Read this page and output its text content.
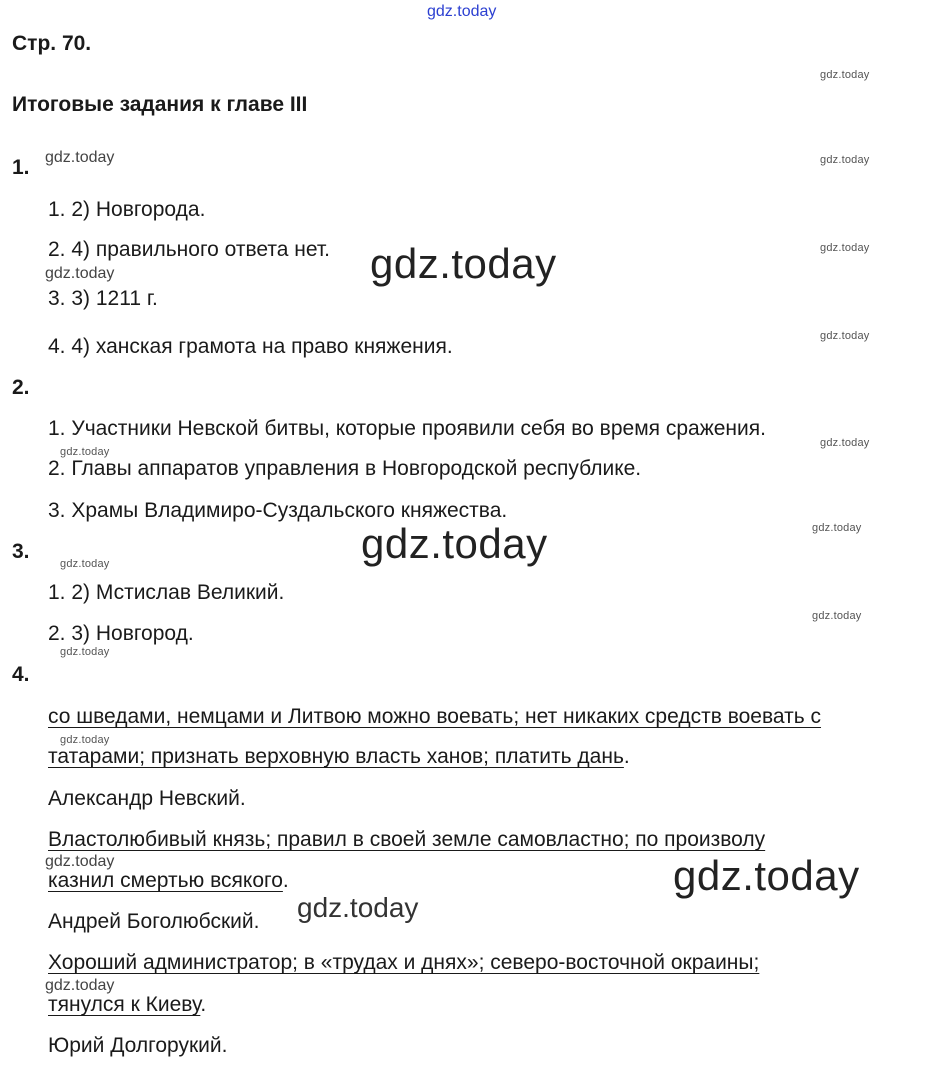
Стр. 70.
Итоговые задания к главе III
1.
1. 2) Новгорода.
2. 4) правильного ответа нет.
3. 3) 1211 г.
4. 4) ханская грамота на право княжения.
2.
1. Участники Невской битвы, которые проявили себя во время сражения.
2. Главы аппаратов управления в Новгородской республике.
3. Храмы Владимиро-Суздальского княжества.
3.
1. 2) Мстислав Великий.
2. 3) Новгород.
4.
со шведами, немцами и Литвою можно воевать; нет никаких средств воевать с
татарами; признать верховную власть ханов; платить дань.
Александр Невский.
Властолюбивый князь; правил в своей земле самовластно; по произволу
казнил смертью всякого.
Андрей Боголюбский.
Хороший администратор; в «трудах и днях»; северо-восточной окраины;
тянулся к Киеву.
Юрий Долгорукий.
gdz.today
gdz.today
gdz.today	gdz.today
gdz.today
gdz.today
gdz.today
gdz.today
gdz.today
gdz.today
gdz.today
gdz.today
gdz.today
gdz.today
gdz.today
gdz.today
gdz.today	gdz.today
gdz.today
gdz.today
